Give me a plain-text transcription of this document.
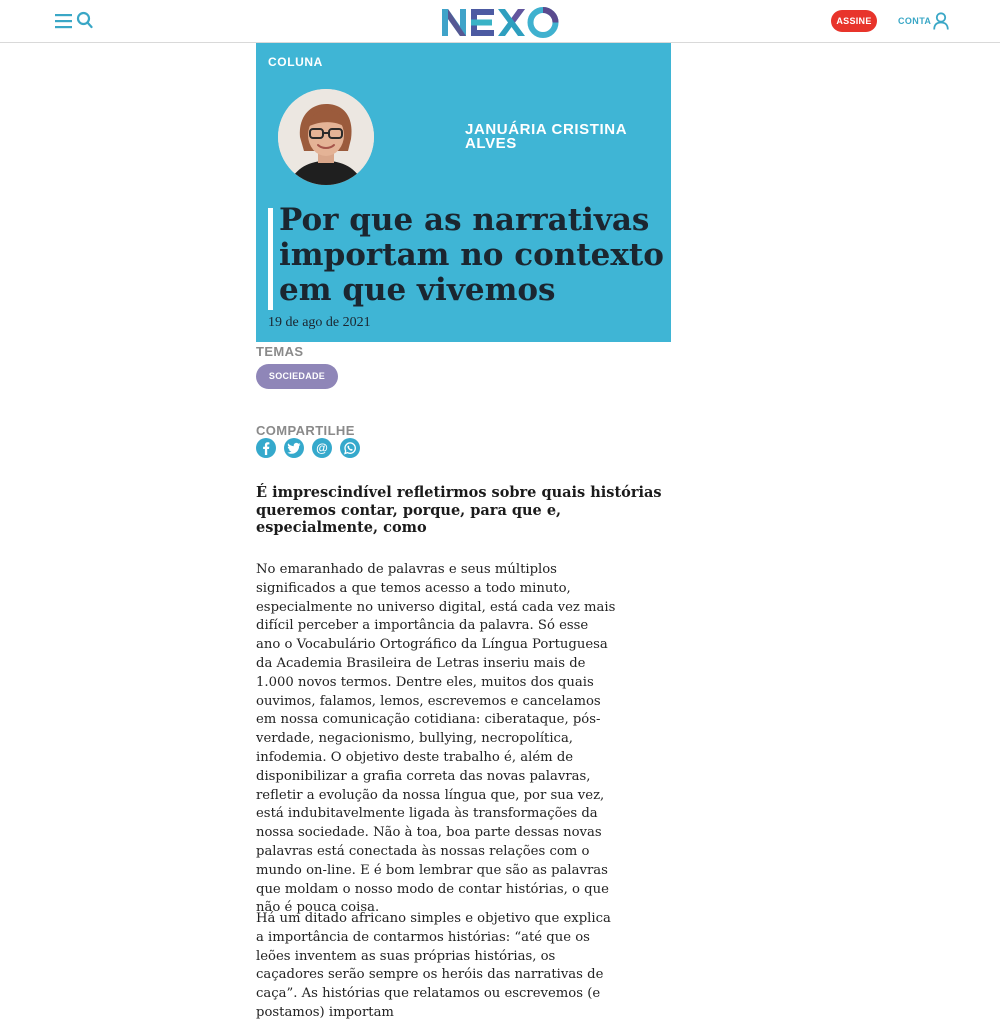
ASSINE	CONTA
COLUNA
JANUÁRIA CRISTINA
ALVES
Por que as narrativas importam no contexto em que vivemos
19 de ago de 2021
TEMAS
SOCIEDADE
COMPARTILHE
@
É imprescindível refletirmos sobre quais histórias queremos contar, porque, para que e, especialmente, como

No emaranhado de palavras e seus múltiplos significados a que temos acesso a todo minuto, especialmente no universo digital, está cada vez mais difícil perceber a importância da palavra. Só esse ano o Vocabulário Ortográfico da Língua Portuguesa da Academia Brasileira de Letras inseriu mais de 1.000 novos termos. Dentre eles, muitos dos quais ouvimos, falamos, lemos, escrevemos e cancelamos em nossa comunicação cotidiana: ciberataque, pós-verdade, negacionismo, bullying, necropolítica, infodemia. O objetivo deste trabalho é, além de disponibilizar a grafia correta das novas palavras, refletir a evolução da nossa língua que, por sua vez, está indubitavelmente ligada às transformações da nossa sociedade. Não à toa, boa parte dessas novas palavras está conectada às nossas relações com o mundo on-line. E é bom lembrar que são as palavras que moldam o nosso modo de contar histórias, o que não é pouca coisa.

Há um ditado africano simples e objetivo que explica a importância de contarmos histórias: “até que os leões inventem as suas próprias histórias, os caçadores serão sempre os heróis das narrativas de caça”. As histórias que relatamos ou escrevemos (e postamos) importam
